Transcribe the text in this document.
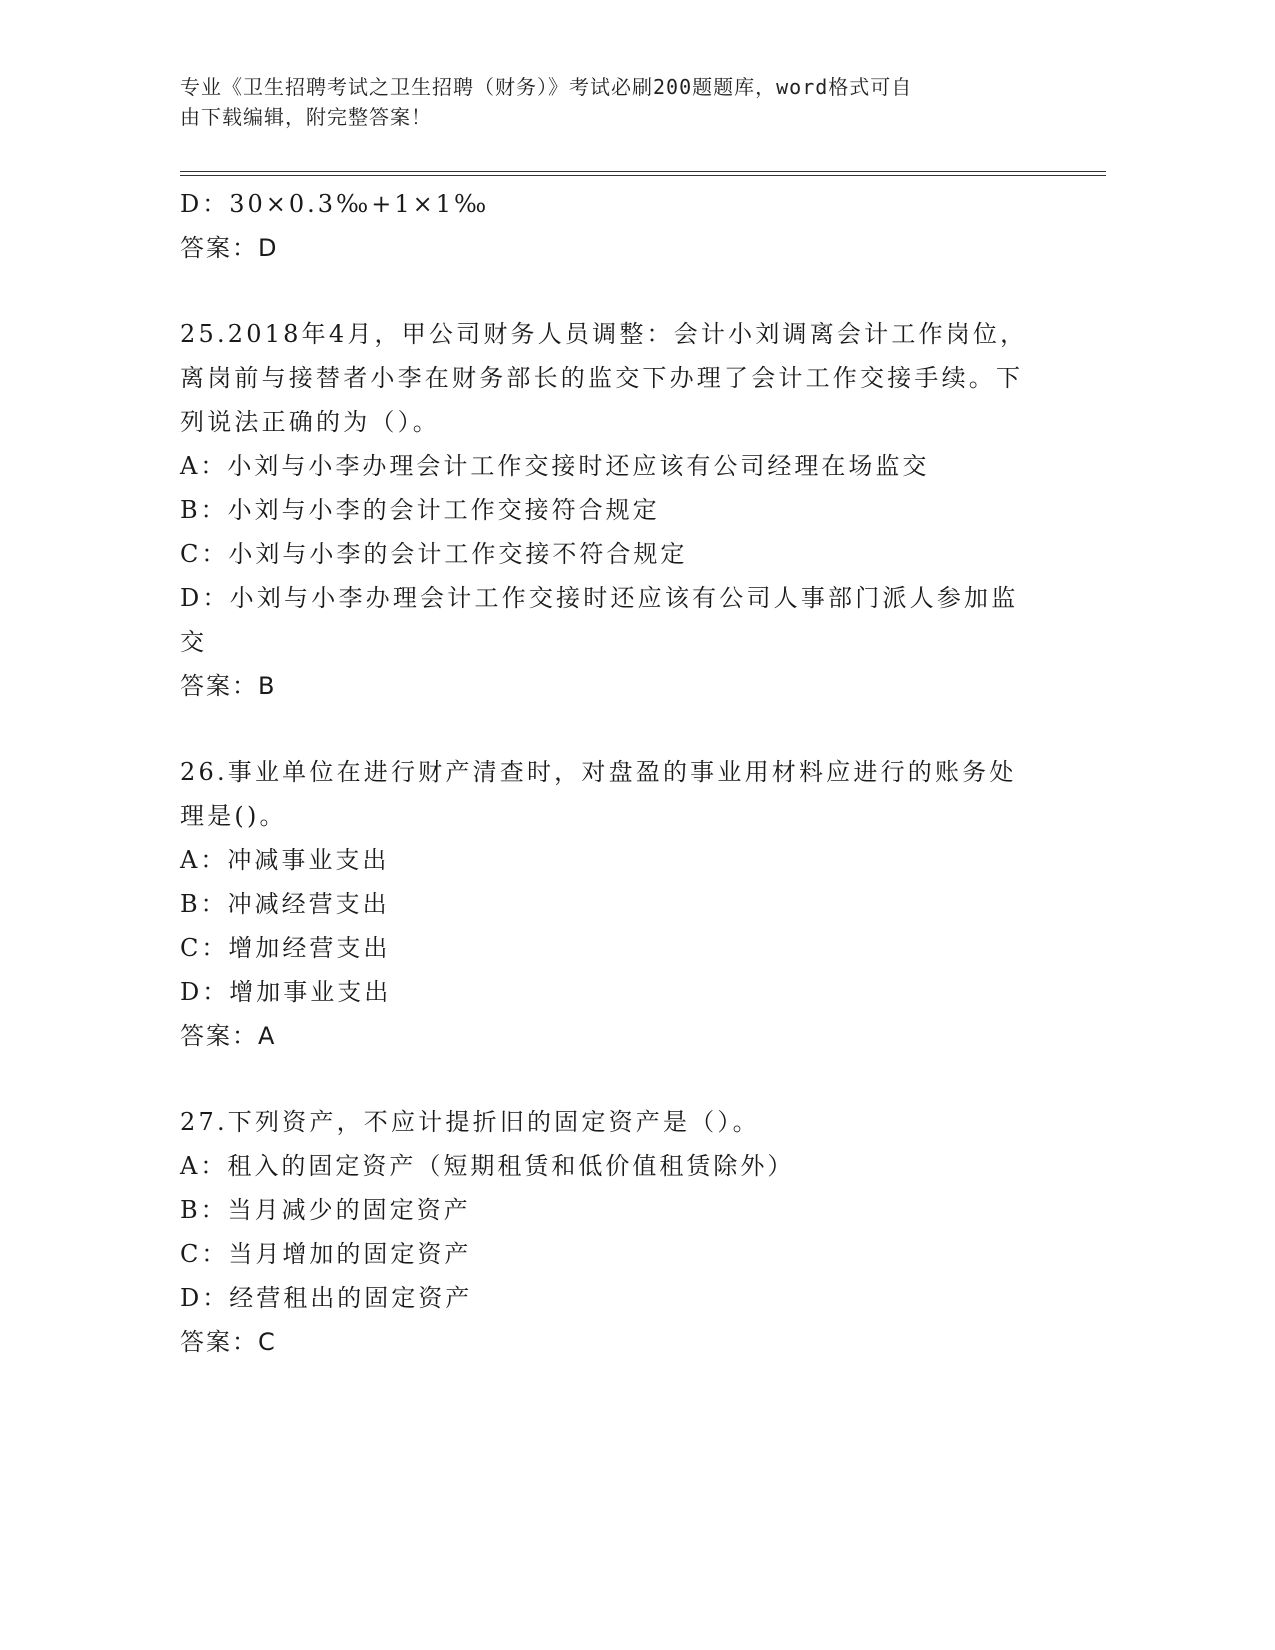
专业《卫生招聘考试之卫生招聘（财务）》考试必刷200题题库，word格式可自
由下载编辑，附完整答案！
D：30×0.3‰+1×1‰
答案：D
25.2018年4月，甲公司财务人员调整：会计小刘调离会计工作岗位，离岗前与接替者小李在财务部长的监交下办理了会计工作交接手续。下列说法正确的为（）。
A：小刘与小李办理会计工作交接时还应该有公司经理在场监交
B：小刘与小李的会计工作交接符合规定
C：小刘与小李的会计工作交接不符合规定
D：小刘与小李办理会计工作交接时还应该有公司人事部门派人参加监交
答案：B
26.事业单位在进行财产清查时，对盘盈的事业用材料应进行的账务处理是()。
A：冲减事业支出
B：冲减经营支出
C：增加经营支出
D：增加事业支出
答案：A
27.下列资产，不应计提折旧的固定资产是（）。
A：租入的固定资产（短期租赁和低价值租赁除外）
B：当月减少的固定资产
C：当月增加的固定资产
D：经营租出的固定资产
答案：C
